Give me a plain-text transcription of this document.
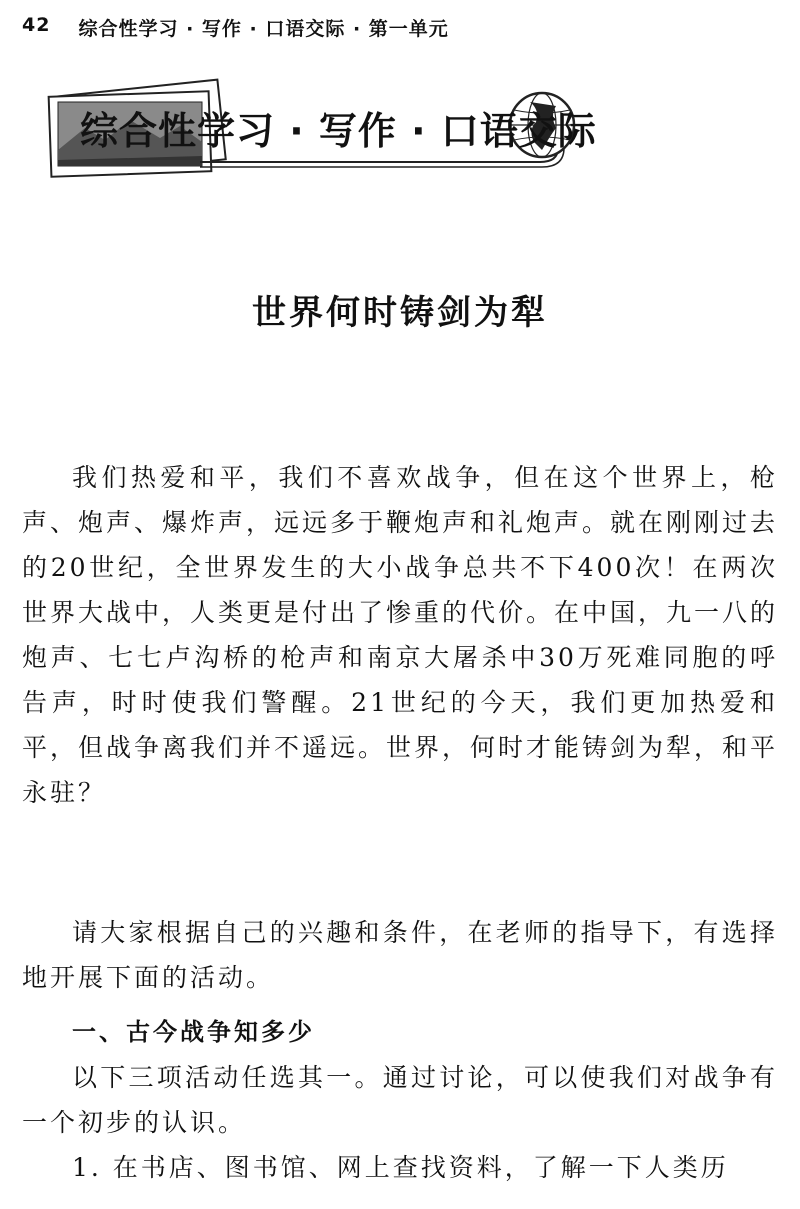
42 综合性学习 · 写作 · 口语交际 · 第一单元
综合性学习 · 写作 · 口语交际
世界何时铸剑为犁

我们热爱和平，我们不喜欢战争，但在这个世界上，枪声、炮声、爆炸声，远远多于鞭炮声和礼炮声。就在刚刚过去的20世纪，全世界发生的大小战争总共不下400次！在两次世界大战中，人类更是付出了惨重的代价。在中国，九一八的炮声、七七卢沟桥的枪声和南京大屠杀中30万死难同胞的呼告声，时时使我们警醒。21世纪的今天，我们更加热爱和平，但战争离我们并不遥远。世界，何时才能铸剑为犁，和平永驻？

请大家根据自己的兴趣和条件，在老师的指导下，有选择地开展下面的活动。

一、古今战争知多少

以下三项活动任选其一。通过讨论，可以使我们对战争有一个初步的认识。

1. 在书店、图书馆、网上查找资料，了解一下人类历
